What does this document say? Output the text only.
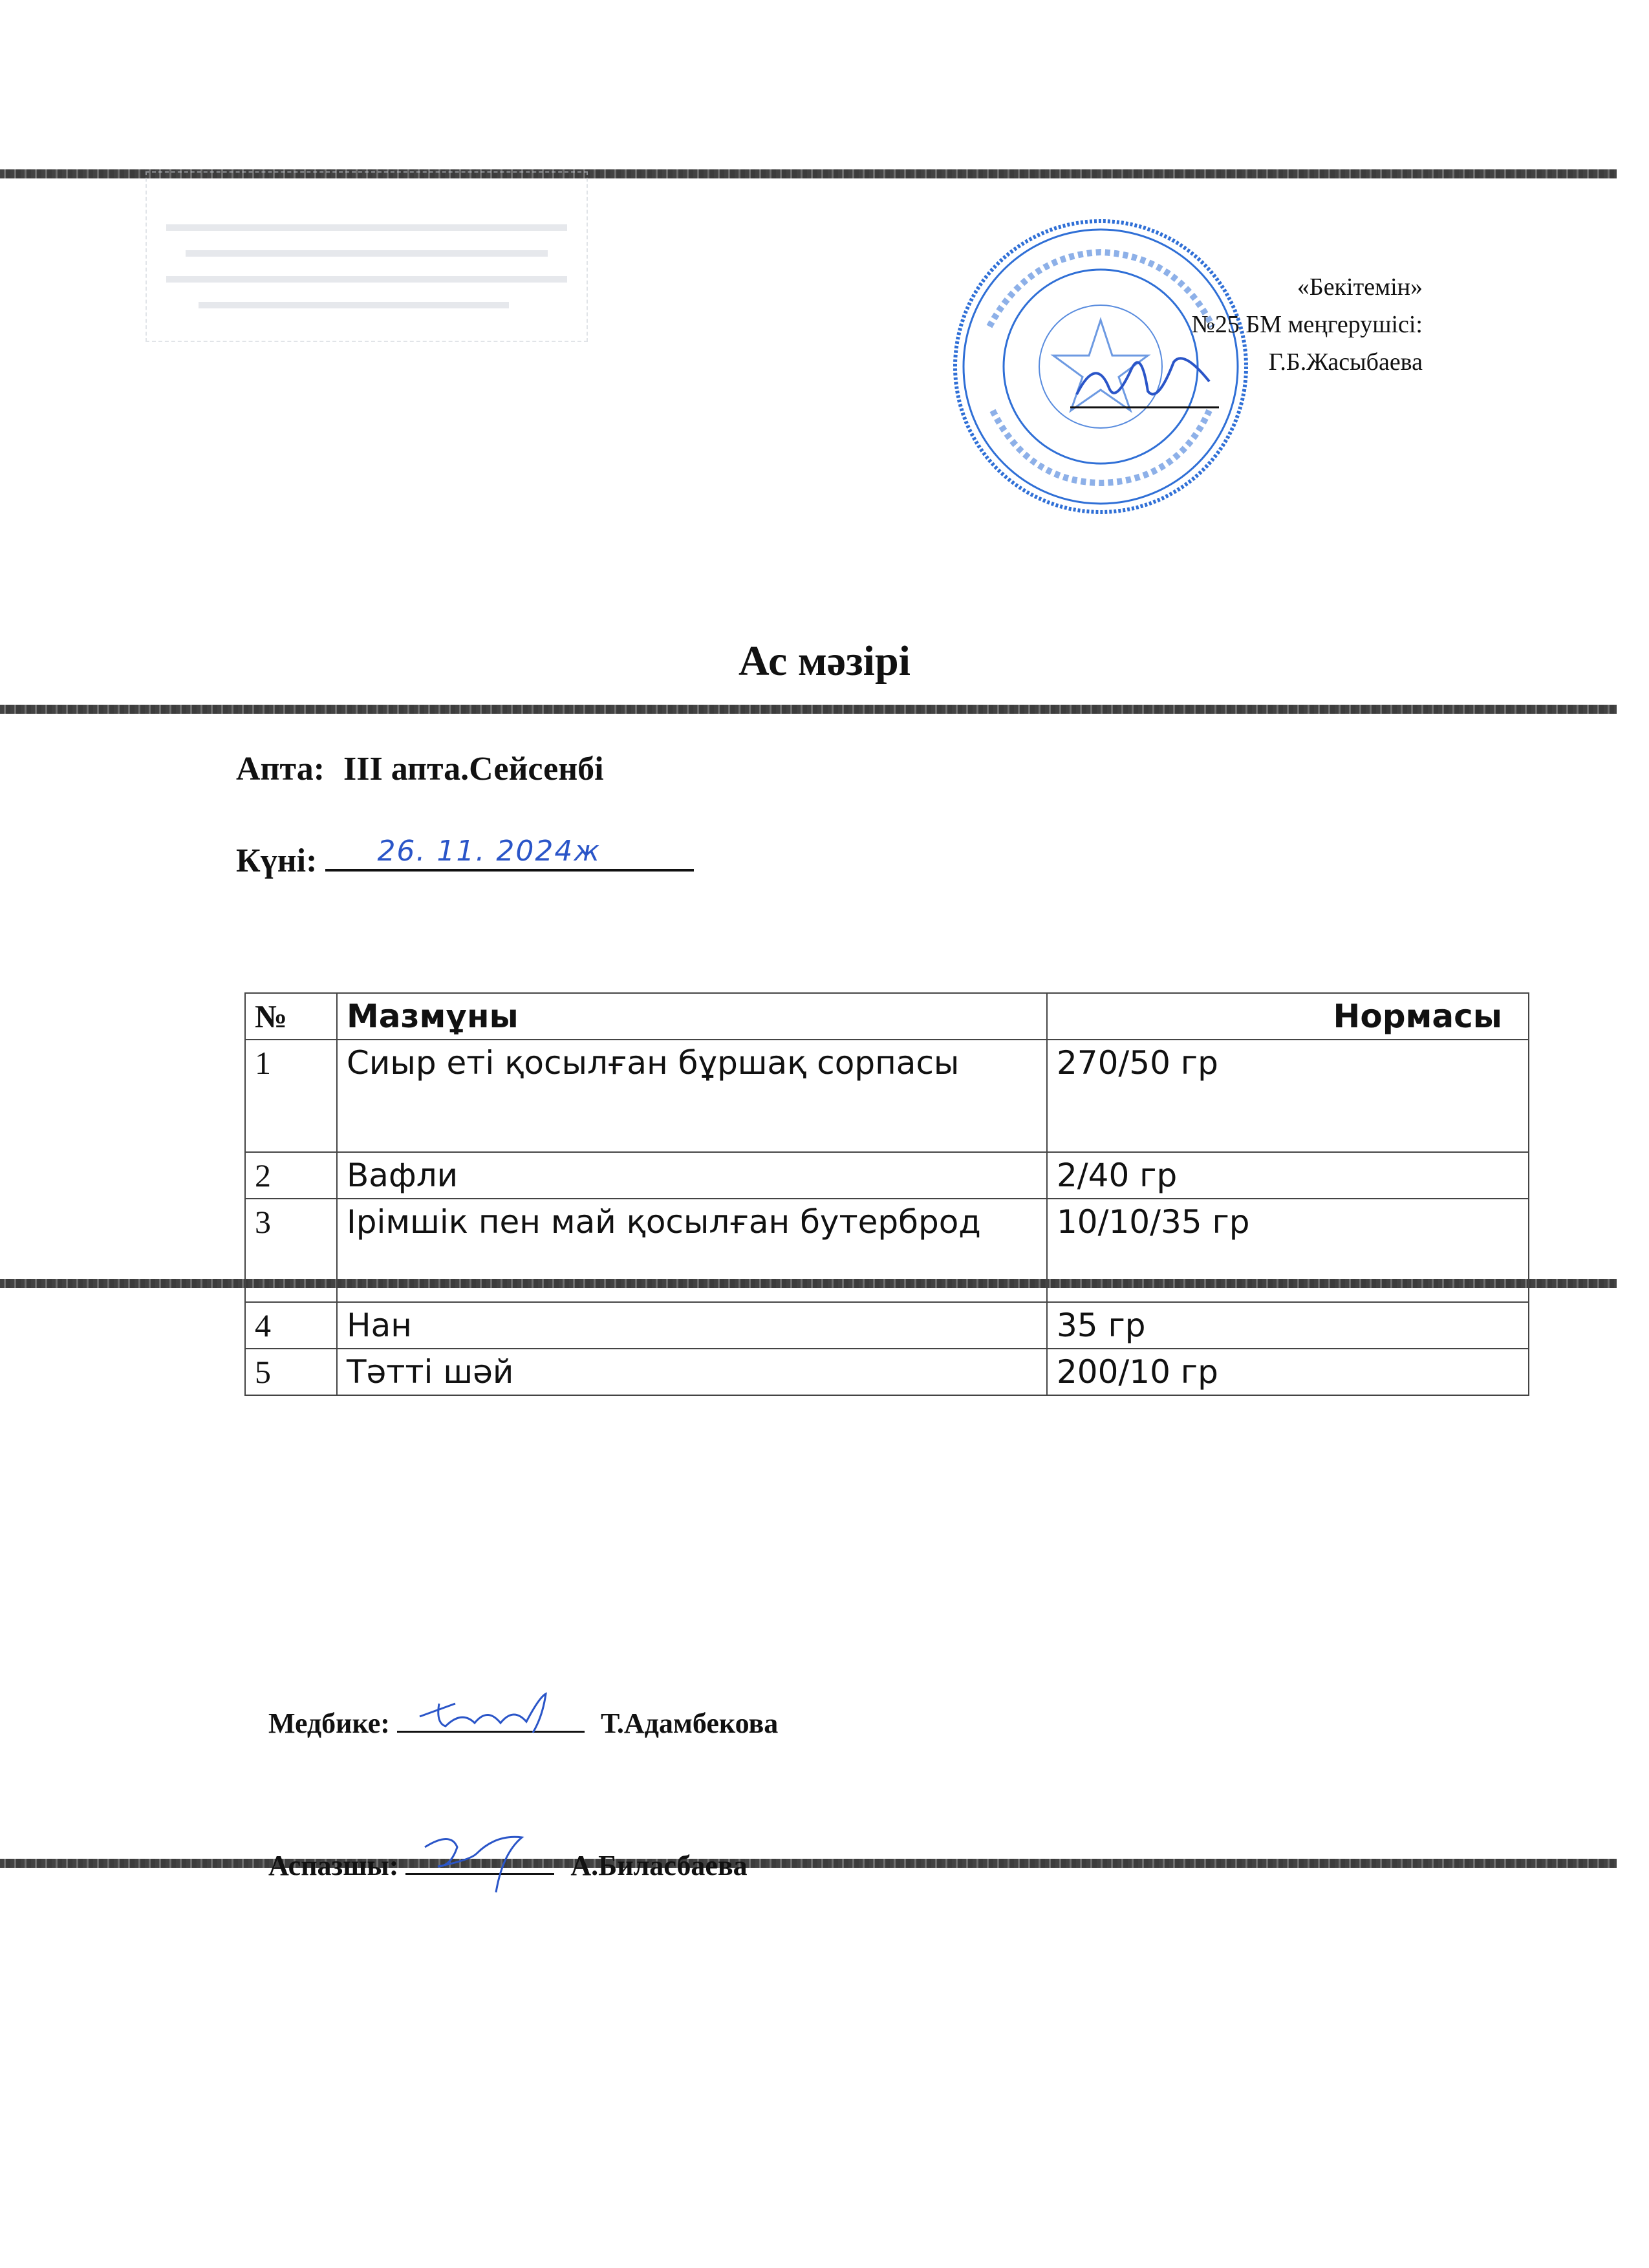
«Бекітемін»
№25 БМ меңгерушісі:
Г.Б.Жасыбаева
Ас мәзірі
Апта: III апта.Сейсенбі
Күні: 26. 11. 2024ж
№	Мазмұны	Нормасы
1	Сиыр еті қосылған бұршақ сорпасы	270/50 гр
2	Вафли	2/40 гр
3	Ірімшік пен май қосылған бутерброд	10/10/35 гр
4	Нан	35 гр
5	Тәтті шәй	200/10 гр
Медбике:	Т.Адамбекова
Аспазшы:	А.Биласбаева
